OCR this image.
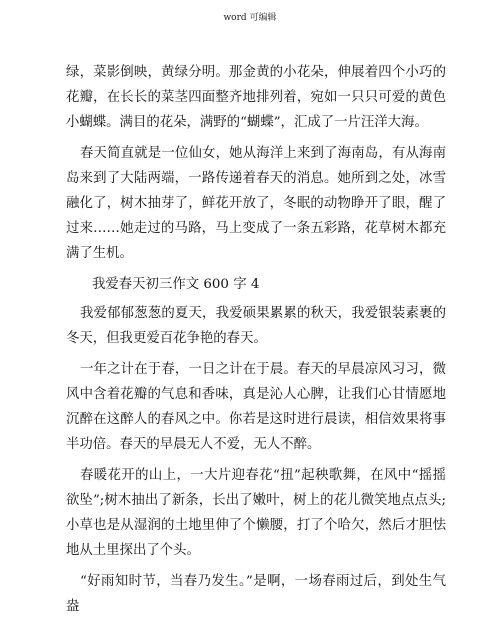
word 可编辑

绿，菜影倒映，黄绿分明。那金黄的小花朵，伸展着四个小巧的花瓣，在长长的菜茎四面整齐地排列着，宛如一只只可爱的黄色小蝴蝶。满目的花朵，满野的“蝴蝶”，汇成了一片汪洋大海。

春天简直就是一位仙女，她从海洋上来到了海南岛，有从海南岛来到了大陆两端，一路传递着春天的消息。她所到之处，冰雪融化了，树木抽芽了，鲜花开放了，冬眠的动物睁开了眼，醒了过来……她走过的马路，马上变成了一条五彩路，花草树木都充满了生机。

我爱春天初三作文 600 字 4

我爱郁郁葱葱的夏天，我爱硕果累累的秋天，我爱银装素裹的冬天，但我更爱百花争艳的春天。

一年之计在于春，一日之计在于晨。春天的早晨凉风习习，微风中含着花瓣的气息和香味，真是沁人心脾，让我们心甘情愿地沉醉在这醉人的春风之中。你若是这时进行晨读，相信效果将事半功倍。春天的早晨无人不爱，无人不醉。

春暖花开的山上，一大片迎春花“扭”起秧歌舞，在风中“摇摇欲坠”;树木抽出了新条，长出了嫩叶，树上的花儿微笑地点点头;小草也是从湿润的土地里伸了个懒腰，打了个哈欠，然后才胆怯地从土里探出了个头。

“好雨知时节，当春乃发生。”是啊，一场春雨过后，到处生气盎
